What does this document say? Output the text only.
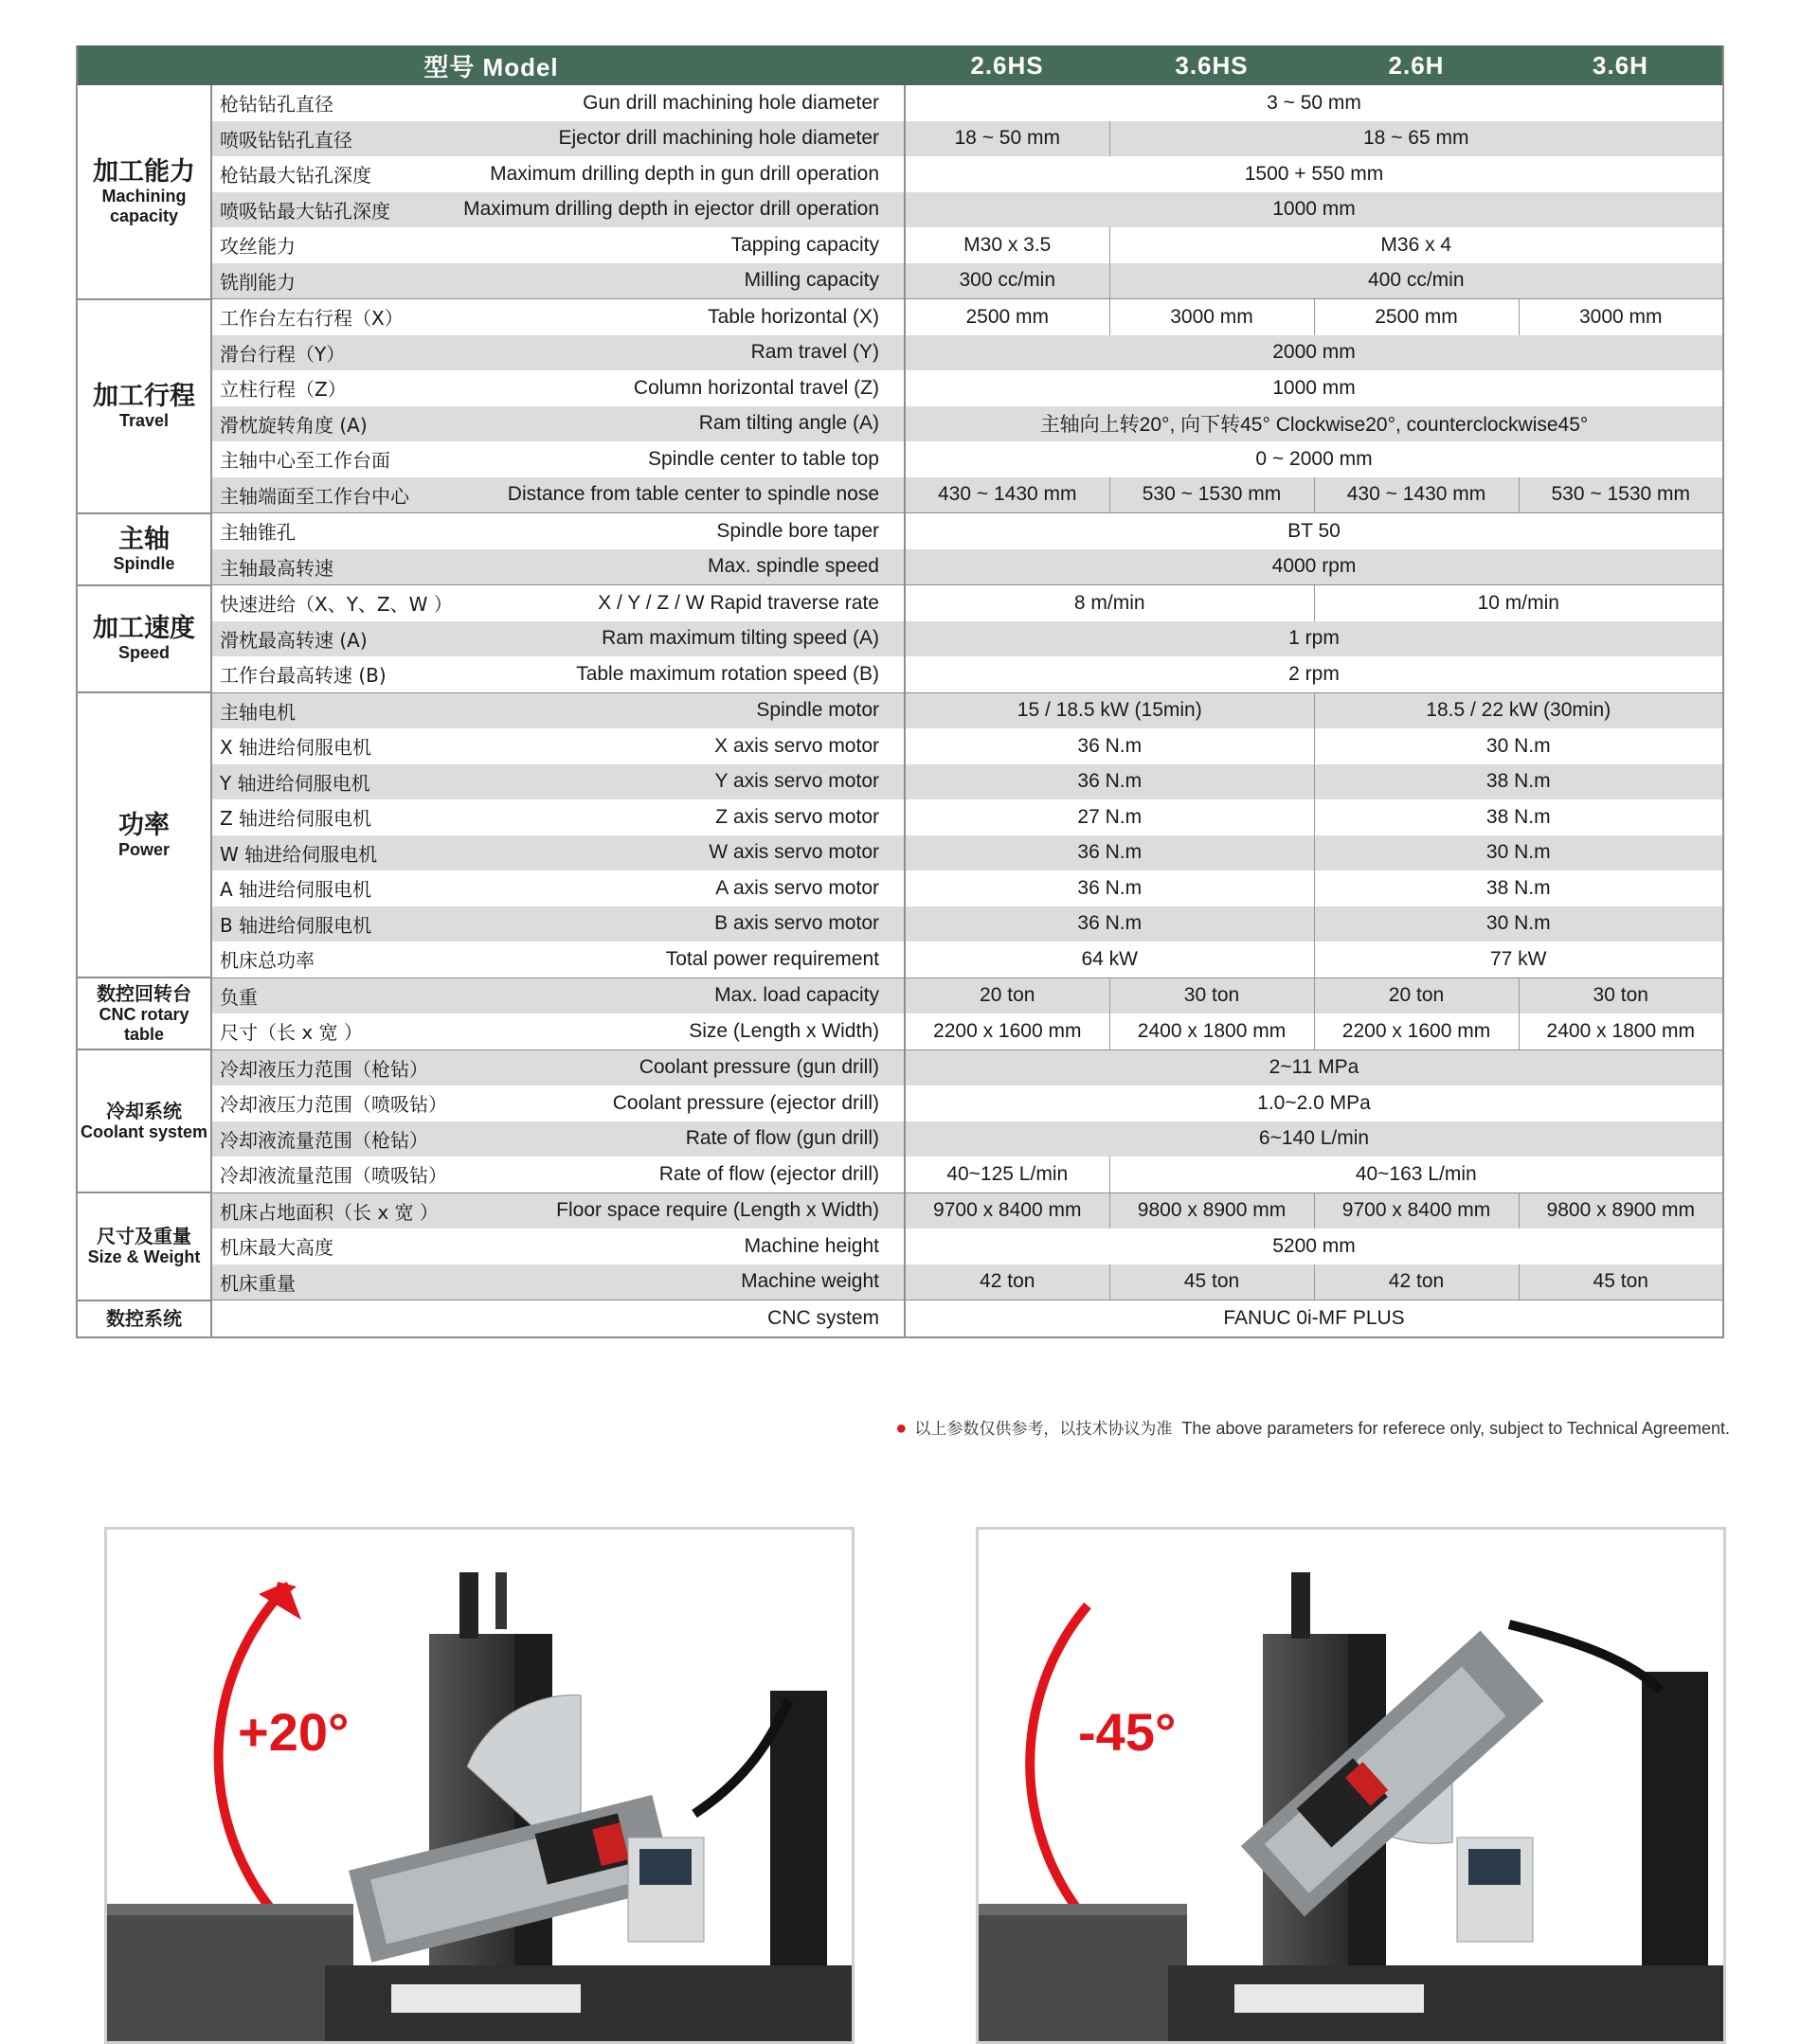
型号 Model		2.6HS	3.6HS	2.6H	3.6H

加工能力
Machining capacity	枪钻钻孔直径 Gun drill machining hole diameter	3 ~ 50 mm			

	喷吸钻钻孔直径 Ejector drill machining hole diameter	18 ~ 50 mm	18 ~ 65 mm		

	枪钻最大钻孔深度 Maximum drilling depth in gun drill operation	1500 + 550 mm			

	喷吸钻最大钻孔深度 Maximum drilling depth in ejector drill operation	1000 mm			

	攻丝能力 Tapping capacity	M30 x 3.5	M36 x 4		

	铣削能力 Milling capacity	300 cc/min	400 cc/min		

加工行程
Travel	工作台左右行程（X） Table horizontal (X)	2500 mm	3000 mm	2500 mm	3000 mm

	滑台行程（Y） Ram travel (Y)	2000 mm			

	立柱行程（Z） Column horizontal travel (Z)	1000 mm			

	滑枕旋转角度 (A) Ram tilting angle (A)	主轴向上转20°, 向下转45° Clockwise20°, counterclockwise45°			

	主轴中心至工作台面 Spindle center to table top	0 ~ 2000 mm			

	主轴端面至工作台中心 Distance from table center to spindle nose	430 ~ 1430 mm	530 ~ 1530 mm	430 ~ 1430 mm	530 ~ 1530 mm

主轴
Spindle	主轴锥孔 Spindle bore taper	BT 50			

	主轴最高转速 Max. spindle speed	4000 rpm			

加工速度
Speed	快速进给（X、Y、Z、W ） X / Y / Z / W Rapid traverse rate	8 m/min		10 m/min	

	滑枕最高转速 (A) Ram maximum tilting speed (A)	1 rpm			

	工作台最高转速 (B) Table maximum rotation speed (B)	2 rpm			

功率
Power	主轴电机 Spindle motor	15 / 18.5 kW (15min)		18.5 / 22 kW (30min)	

	X 轴进给伺服电机 X axis servo motor	36 N.m		30 N.m	

	Y 轴进给伺服电机 Y axis servo motor	36 N.m		38 N.m	

	Z 轴进给伺服电机 Z axis servo motor	27 N.m		38 N.m	

	W 轴进给伺服电机 W axis servo motor	36 N.m		30 N.m	

	A 轴进给伺服电机 A axis servo motor	36 N.m		38 N.m	

	B 轴进给伺服电机 B axis servo motor	36 N.m		30 N.m	

	机床总功率 Total power requirement	64 kW		77 kW	

数控回转台
CNC rotary table	负重 Max. load capacity	20 ton	30 ton	20 ton	30 ton

	尺寸（长 x 宽 ） Size (Length x Width)	2200 x 1600 mm	2400 x 1800 mm	2200 x 1600 mm	2400 x 1800 mm

冷却系统
Coolant system	冷却液压力范围（枪钻） Coolant pressure (gun drill)	2~11 MPa			

	冷却液压力范围（喷吸钻） Coolant pressure (ejector drill)	1.0~2.0 MPa			

	冷却液流量范围（枪钻） Rate of flow (gun drill)	6~140 L/min			

	冷却液流量范围（喷吸钻） Rate of flow (ejector drill)	40~125 L/min	40~163 L/min		

尺寸及重量
Size & Weight	机床占地面积（长 x 宽 ） Floor space require (Length x Width)	9700 x 8400 mm	9800 x 8900 mm	9700 x 8400 mm	9800 x 8900 mm

	机床最大高度 Machine height	5200 mm			

	机床重量 Machine weight	42 ton	45 ton	42 ton	45 ton

数控系统	CNC system	FANUC 0i-MF PLUS			
● 以上参数仅供参考，以技术协议为准 The above parameters for referece only, subject to Technical Agreement.
+20°	-45°
